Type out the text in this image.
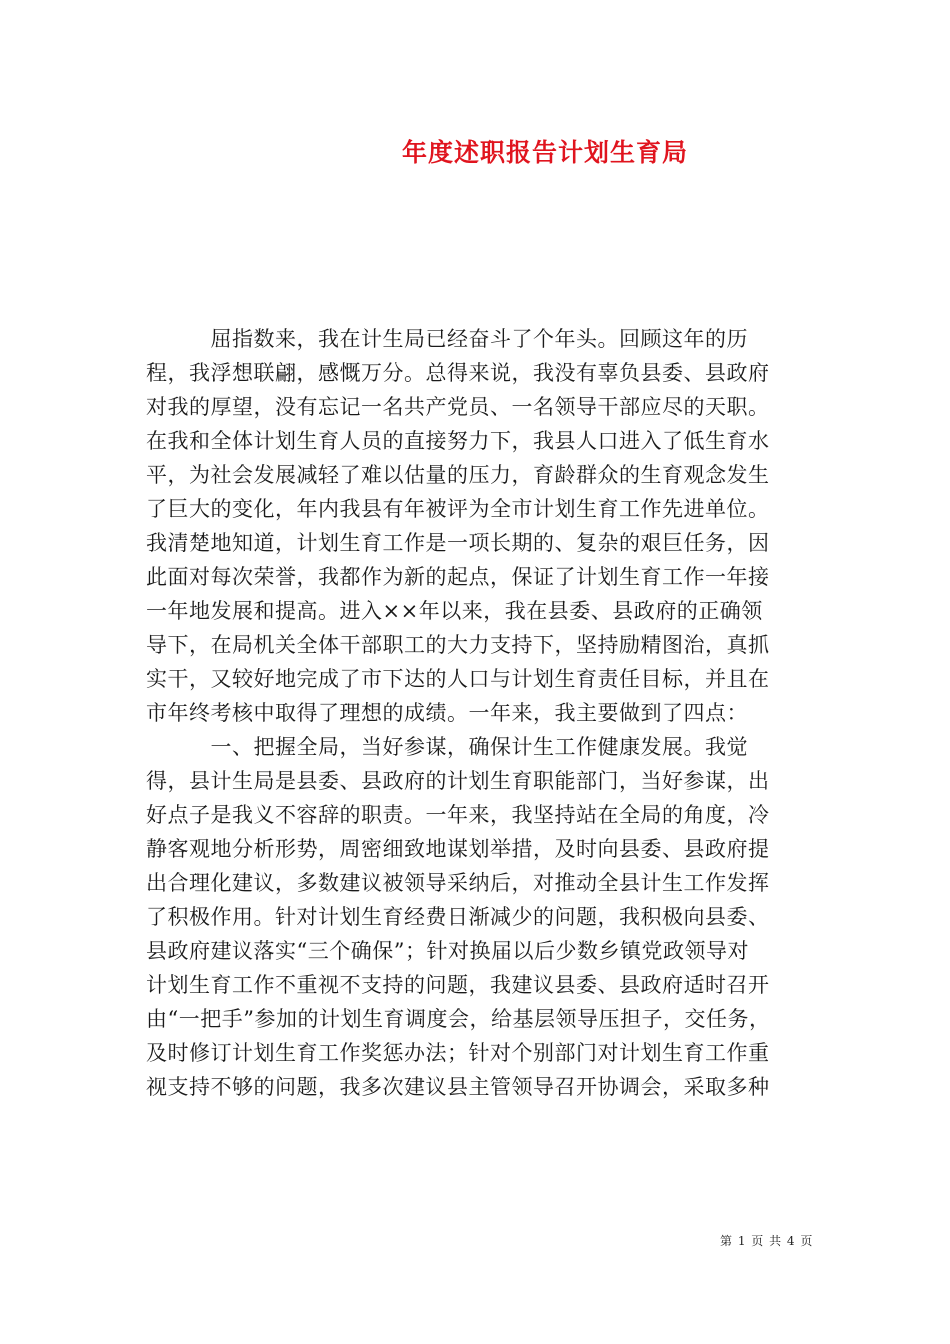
年度述职报告计划生育局
　　　屈指数来，我在计生局已经奋斗了个年头。回顾这年的历
程，我浮想联翩，感慨万分。总得来说，我没有辜负县委、县政府
对我的厚望，没有忘记一名共产党员、一名领导干部应尽的天职。
在我和全体计划生育人员的直接努力下，我县人口进入了低生育水
平，为社会发展减轻了难以估量的压力，育龄群众的生育观念发生
了巨大的变化，年内我县有年被评为全市计划生育工作先进单位。
我清楚地知道，计划生育工作是一项长期的、复杂的艰巨任务，因
此面对每次荣誉，我都作为新的起点，保证了计划生育工作一年接
一年地发展和提高。进入××年以来，我在县委、县政府的正确领
导下，在局机关全体干部职工的大力支持下，坚持励精图治，真抓
实干，又较好地完成了市下达的人口与计划生育责任目标，并且在
市年终考核中取得了理想的成绩。一年来，我主要做到了四点：
　　　一、把握全局，当好参谋，确保计生工作健康发展。我觉
得，县计生局是县委、县政府的计划生育职能部门，当好参谋，出
好点子是我义不容辞的职责。一年来，我坚持站在全局的角度，冷
静客观地分析形势，周密细致地谋划举措，及时向县委、县政府提
出合理化建议，多数建议被领导采纳后，对推动全县计生工作发挥
了积极作用。针对计划生育经费日渐减少的问题，我积极向县委、
县政府建议落实“三个确保”；针对换届以后少数乡镇党政领导对
计划生育工作不重视不支持的问题，我建议县委、县政府适时召开
由“一把手”参加的计划生育调度会，给基层领导压担子，交任务，
及时修订计划生育工作奖惩办法；针对个别部门对计划生育工作重
视支持不够的问题，我多次建议县主管领导召开协调会，采取多种
第 1 页 共 4 页
